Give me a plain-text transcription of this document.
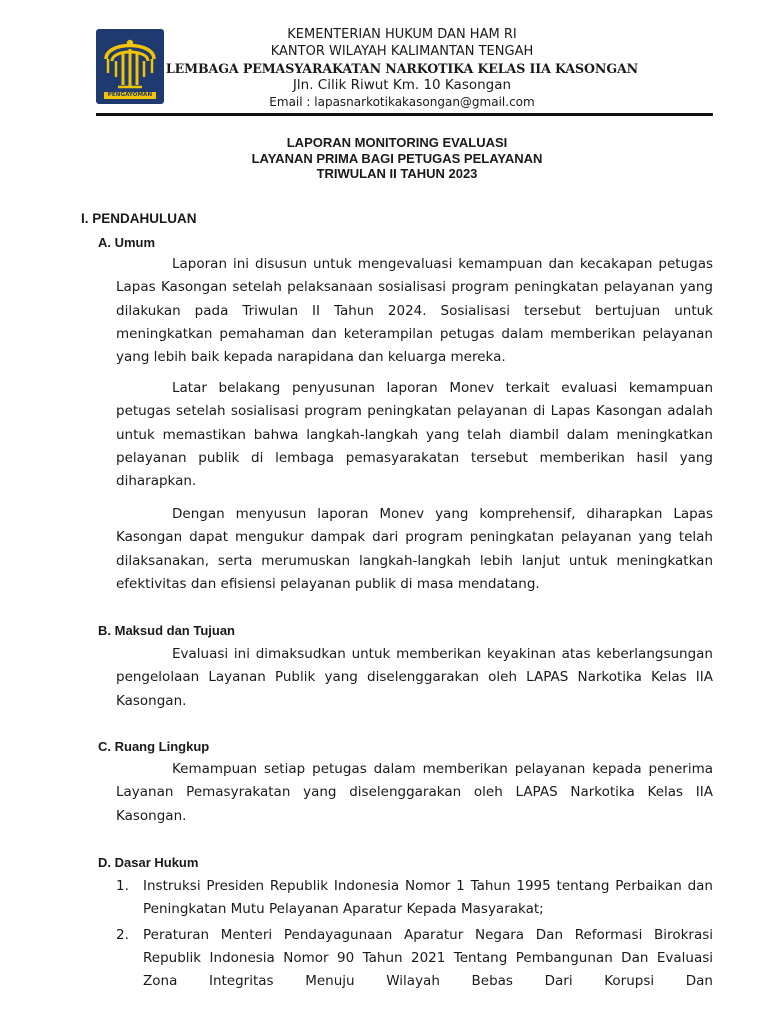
PENGAYOMAN
KEMENTERIAN HUKUM DAN HAM RI
KANTOR WILAYAH KALIMANTAN TENGAH
LEMBAGA PEMASYARAKATAN NARKOTIKA KELAS IIA KASONGAN
Jln. Cilik Riwut Km. 10 Kasongan
Email : lapasnarkotikakasongan@gmail.com
LAPORAN MONITORING EVALUASI
LAYANAN PRIMA BAGI PETUGAS PELAYANAN
TRIWULAN II TAHUN 2023
I. PENDAHULUAN
A. Umum

Laporan ini disusun untuk mengevaluasi kemampuan dan kecakapan petugas Lapas Kasongan setelah pelaksanaan sosialisasi program peningkatan pelayanan yang dilakukan pada Triwulan II Tahun 2024. Sosialisasi tersebut bertujuan untuk meningkatkan pemahaman dan keterampilan petugas dalam memberikan pelayanan yang lebih baik kepada narapidana dan keluarga mereka.

Latar belakang penyusunan laporan Monev terkait evaluasi kemampuan petugas setelah sosialisasi program peningkatan pelayanan di Lapas Kasongan adalah untuk memastikan bahwa langkah-langkah yang telah diambil dalam meningkatkan pelayanan publik di lembaga pemasyarakatan tersebut memberikan hasil yang diharapkan.

Dengan menyusun laporan Monev yang komprehensif, diharapkan Lapas Kasongan dapat mengukur dampak dari program peningkatan pelayanan yang telah dilaksanakan, serta merumuskan langkah-langkah lebih lanjut untuk meningkatkan efektivitas dan efisiensi pelayanan publik di masa mendatang.

B. Maksud dan Tujuan

Evaluasi ini dimaksudkan untuk memberikan keyakinan atas keberlangsungan pengelolaan Layanan Publik yang diselenggarakan oleh LAPAS Narkotika Kelas IIA Kasongan.

C. Ruang Lingkup

Kemampuan setiap petugas dalam memberikan pelayanan kepada penerima Layanan Pemasyrakatan yang diselenggarakan oleh LAPAS Narkotika Kelas IIA Kasongan.

D. Dasar Hukum
1. Instruksi Presiden Republik Indonesia Nomor 1 Tahun 1995 tentang Perbaikan dan Peningkatan Mutu Pelayanan Aparatur Kepada Masyarakat;
2. Peraturan Menteri Pendayagunaan Aparatur Negara Dan Reformasi Birokrasi Republik Indonesia Nomor 90 Tahun 2021 Tentang Pembangunan Dan Evaluasi Zona Integritas Menuju Wilayah Bebas Dari Korupsi Dan
